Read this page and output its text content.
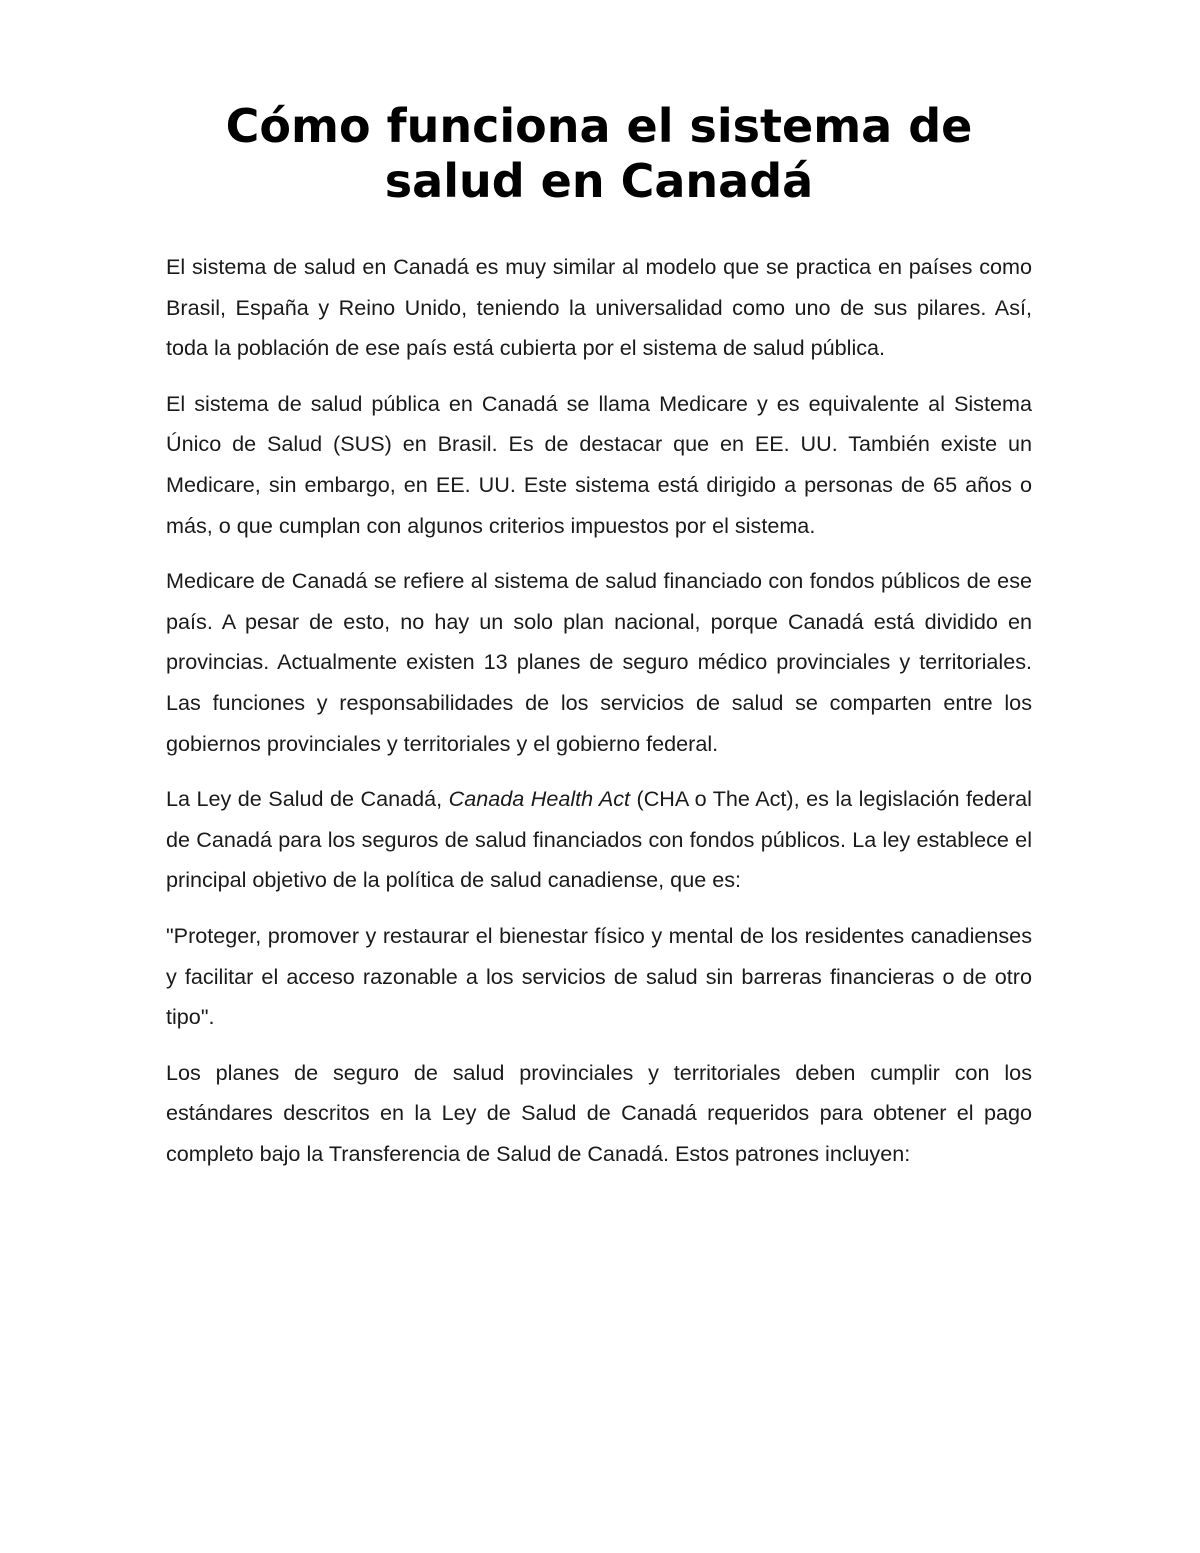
Cómo funciona el sistema de salud en Canadá

El sistema de salud en Canadá es muy similar al modelo que se practica en países como Brasil, España y Reino Unido, teniendo la universalidad como uno de sus pilares. Así, toda la población de ese país está cubierta por el sistema de salud pública.

El sistema de salud pública en Canadá se llama Medicare y es equivalente al Sistema Único de Salud (SUS) en Brasil. Es de destacar que en EE. UU. También existe un Medicare, sin embargo, en EE. UU. Este sistema está dirigido a personas de 65 años o más, o que cumplan con algunos criterios impuestos por el sistema.

Medicare de Canadá se refiere al sistema de salud financiado con fondos públicos de ese país. A pesar de esto, no hay un solo plan nacional, porque Canadá está dividido en provincias. Actualmente existen 13 planes de seguro médico provinciales y territoriales. Las funciones y responsabilidades de los servicios de salud se comparten entre los gobiernos provinciales y territoriales y el gobierno federal.

La Ley de Salud de Canadá, Canada Health Act (CHA o The Act), es la legislación federal de Canadá para los seguros de salud financiados con fondos públicos. La ley establece el principal objetivo de la política de salud canadiense, que es:

"Proteger, promover y restaurar el bienestar físico y mental de los residentes canadienses y facilitar el acceso razonable a los servicios de salud sin barreras financieras o de otro tipo".

Los planes de seguro de salud provinciales y territoriales deben cumplir con los estándares descritos en la Ley de Salud de Canadá requeridos para obtener el pago completo bajo la Transferencia de Salud de Canadá. Estos patrones incluyen:
